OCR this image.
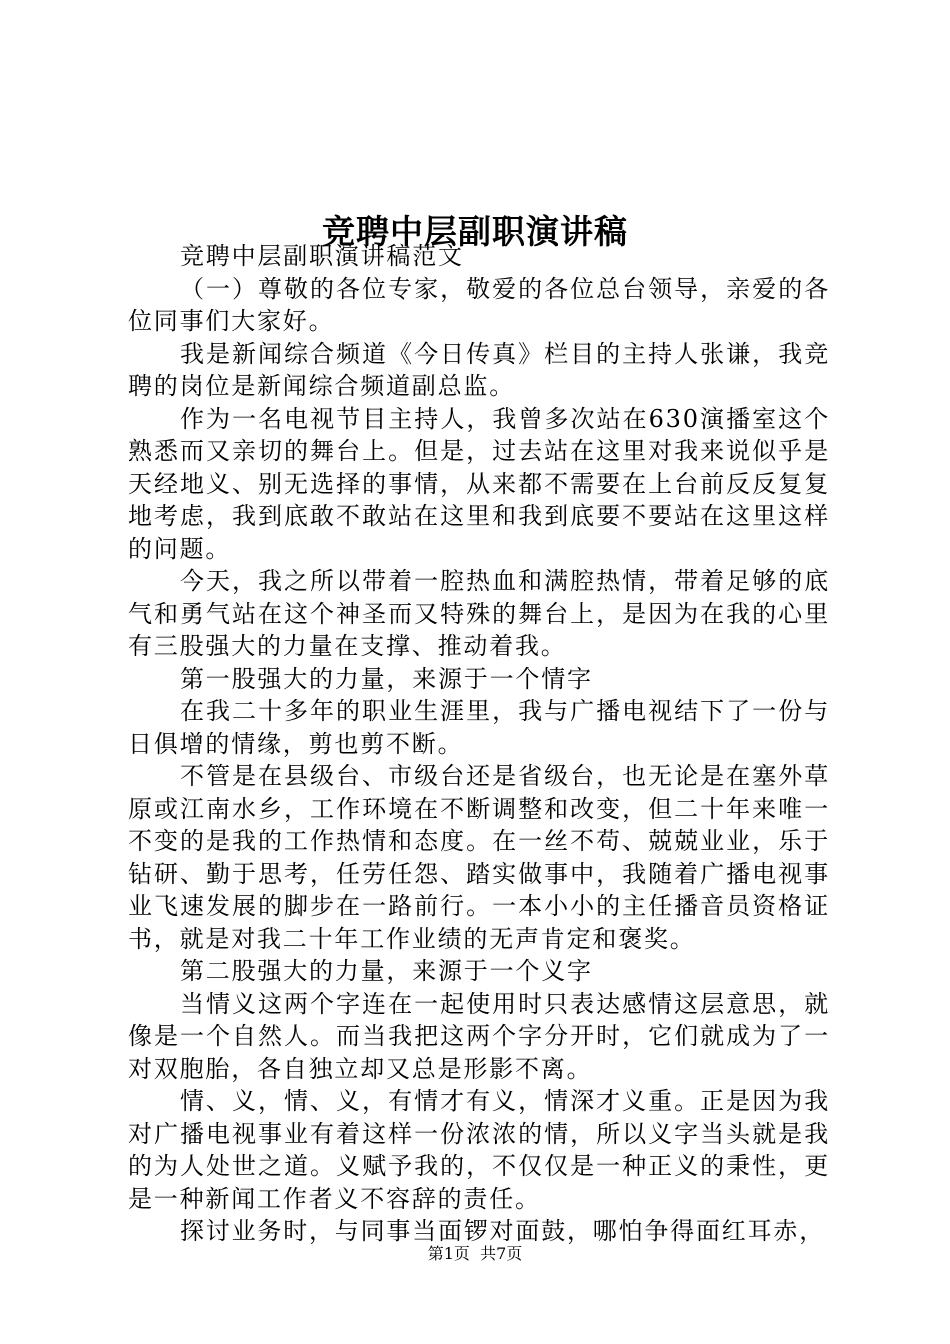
竞聘中层副职演讲稿

竞聘中层副职演讲稿范文

（一）尊敬的各位专家，敬爱的各位总台领导，亲爱的各位同事们大家好。

我是新闻综合频道《今日传真》栏目的主持人张谦，我竞聘的岗位是新闻综合频道副总监。

作为一名电视节目主持人，我曾多次站在630演播室这个熟悉而又亲切的舞台上。但是，过去站在这里对我来说似乎是天经地义、别无选择的事情，从来都不需要在上台前反反复复地考虑，我到底敢不敢站在这里和我到底要不要站在这里这样的问题。

今天，我之所以带着一腔热血和满腔热情，带着足够的底气和勇气站在这个神圣而又特殊的舞台上，是因为在我的心里有三股强大的力量在支撑、推动着我。

第一股强大的力量，来源于一个情字

在我二十多年的职业生涯里，我与广播电视结下了一份与日俱增的情缘，剪也剪不断。

不管是在县级台、市级台还是省级台，也无论是在塞外草原或江南水乡，工作环境在不断调整和改变，但二十年来唯一不变的是我的工作热情和态度。在一丝不苟、兢兢业业，乐于钻研、勤于思考，任劳任怨、踏实做事中，我随着广播电视事业飞速发展的脚步在一路前行。一本小小的主任播音员资格证书，就是对我二十年工作业绩的无声肯定和褒奖。

第二股强大的力量，来源于一个义字

当情义这两个字连在一起使用时只表达感情这层意思，就像是一个自然人。而当我把这两个字分开时，它们就成为了一对双胞胎，各自独立却又总是形影不离。

情、义，情、义，有情才有义，情深才义重。正是因为我对广播电视事业有着这样一份浓浓的情，所以义字当头就是我的为人处世之道。义赋予我的，不仅仅是一种正义的秉性，更是一种新闻工作者义不容辞的责任。

探讨业务时，与同事当面锣对面鼓，哪怕争得面红耳赤，

第1页 共7页
